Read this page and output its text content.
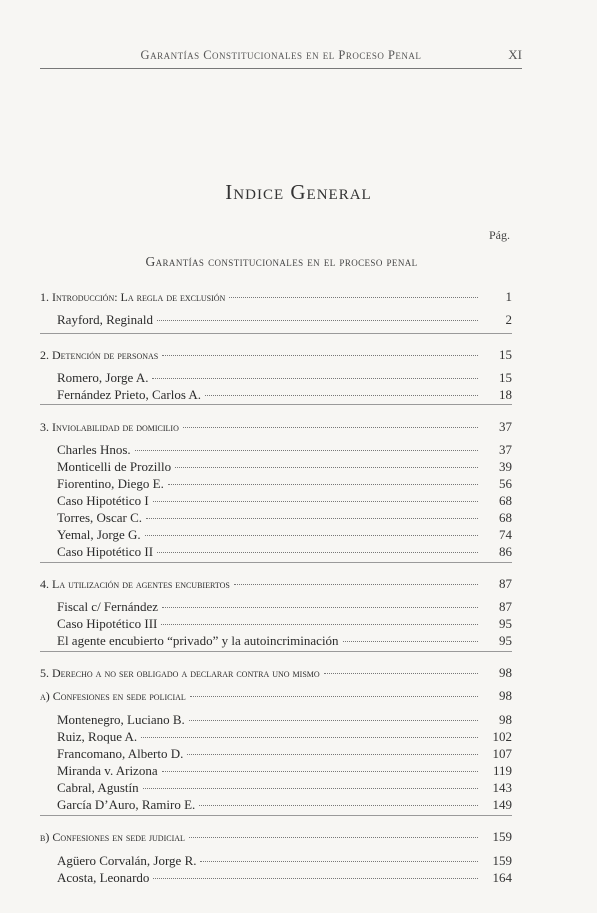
Garantías Constitucionales en el Proceso Penal	XI
Indice General
Pág.
Garantías constitucionales en el proceso penal
1. Introducción: La regla de exclusión	1
Rayford, Reginald	2
2. Detención de personas	15
Romero, Jorge A.	15
Fernández Prieto, Carlos A.	18
3. Inviolabilidad de domicilio	37
Charles Hnos.	37
Monticelli de Prozillo	39
Fiorentino, Diego E.	56
Caso Hipotético I	68
Torres, Oscar C.	68
Yemal, Jorge G.	74
Caso Hipotético II	86
4. La utilización de agentes encubiertos	87
Fiscal c/ Fernández	87
Caso Hipotético III	95
El agente encubierto “privado” y la autoincriminación	95
5. Derecho a no ser obligado a declarar contra uno mismo	98
a) Confesiones en sede policial	98
Montenegro, Luciano B.	98
Ruiz, Roque A.	102
Francomano, Alberto D.	107
Miranda v. Arizona	119
Cabral, Agustín	143
García D’Auro, Ramiro E.	149
b) Confesiones en sede judicial	159
Agüero Corvalán, Jorge R.	159
Acosta, Leonardo	164
